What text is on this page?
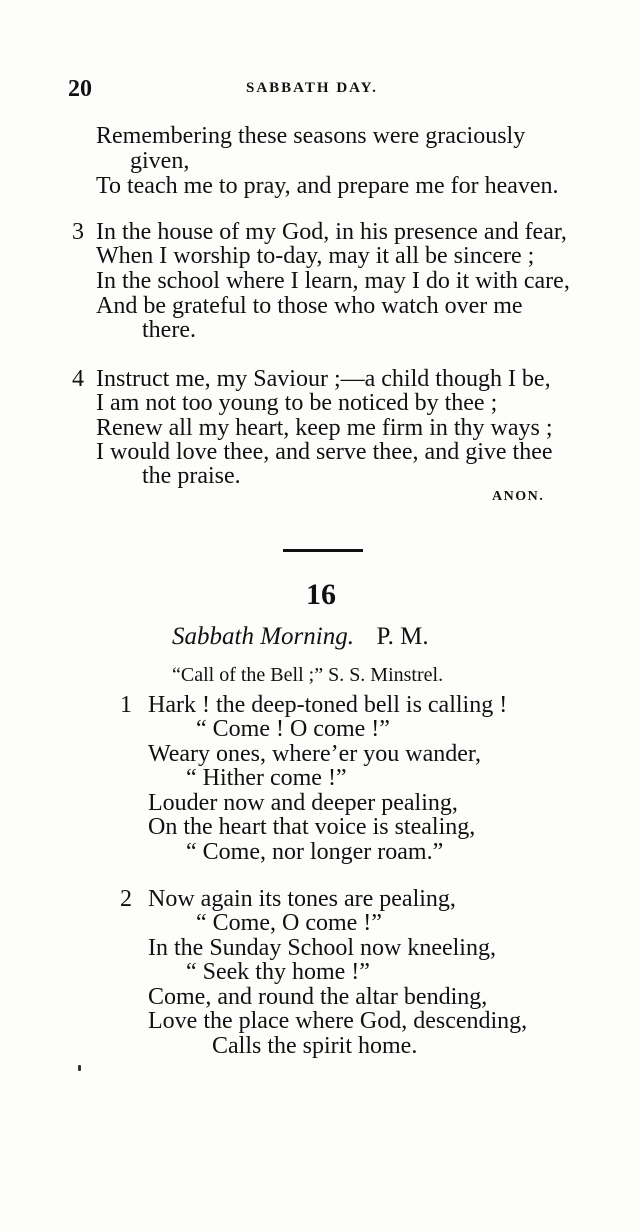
20	SABBATH DAY.
Remembering these seasons were graciously
given,
To teach me to pray, and prepare me for heaven.
3 In the house of my God, in his presence and fear,
When I worship to-day, may it all be sincere ;
In the school where I learn, may I do it with care,
And be grateful to those who watch over me
there.
4 Instruct me, my Saviour ;—a child though I be,
I am not too young to be noticed by thee ;
Renew all my heart, keep me firm in thy ways ;
I would love thee, and serve thee, and give thee
the praise.
ANON.
16
Sabbath Morning. P. M.
“Call of the Bell ;” S. S. Minstrel.
1 Hark ! the deep-toned bell is calling !
“ Come ! O come !”
Weary ones, where’er you wander,
“ Hither come !”
Louder now and deeper pealing,
On the heart that voice is stealing,
“ Come, nor longer roam.”
2 Now again its tones are pealing,
“ Come, O come !”
In the Sunday School now kneeling,
“ Seek thy home !”
Come, and round the altar bending,
Love the place where God, descending,
Calls the spirit home.
